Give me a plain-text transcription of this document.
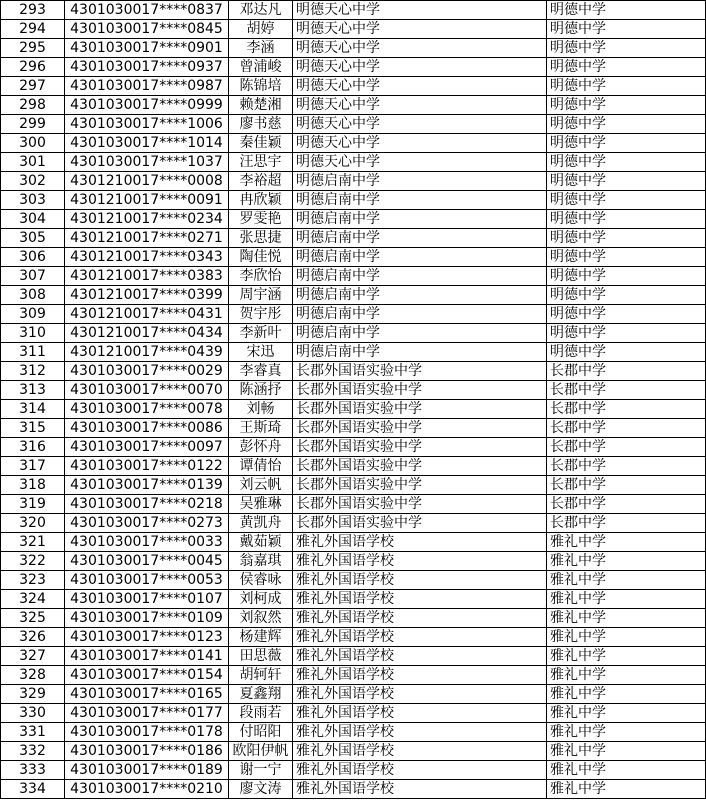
293	4301030017****0837	邓达凡	明德天心中学	明德中学
294	4301030017****0845	胡婷	明德天心中学	明德中学
295	4301030017****0901	李涵	明德天心中学	明德中学
296	4301030017****0937	曾浦峻	明德天心中学	明德中学
297	4301030017****0987	陈锦培	明德天心中学	明德中学
298	4301030017****0999	赖楚湘	明德天心中学	明德中学
299	4301030017****1006	廖书慈	明德天心中学	明德中学
300	4301030017****1014	秦佳颖	明德天心中学	明德中学
301	4301030017****1037	汪思宇	明德天心中学	明德中学
302	4301210017****0008	李裕超	明德启南中学	明德中学
303	4301210017****0091	冉欣颖	明德启南中学	明德中学
304	4301210017****0234	罗雯艳	明德启南中学	明德中学
305	4301210017****0271	张思捷	明德启南中学	明德中学
306	4301210017****0343	陶佳悦	明德启南中学	明德中学
307	4301210017****0383	李欣怡	明德启南中学	明德中学
308	4301210017****0399	周宇涵	明德启南中学	明德中学
309	4301210017****0431	贺宇彤	明德启南中学	明德中学
310	4301210017****0434	李新叶	明德启南中学	明德中学
311	4301210017****0439	宋迅	明德启南中学	明德中学
312	4301030017****0029	李睿真	长郡外国语实验中学	长郡中学
313	4301030017****0070	陈涵抒	长郡外国语实验中学	长郡中学
314	4301030017****0078	刘畅	长郡外国语实验中学	长郡中学
315	4301030017****0086	王斯琦	长郡外国语实验中学	长郡中学
316	4301030017****0097	彭怀舟	长郡外国语实验中学	长郡中学
317	4301030017****0122	谭倩怡	长郡外国语实验中学	长郡中学
318	4301030017****0139	刘云帆	长郡外国语实验中学	长郡中学
319	4301030017****0218	吴雅琳	长郡外国语实验中学	长郡中学
320	4301030017****0273	黄凯舟	长郡外国语实验中学	长郡中学
321	4301030017****0033	戴茹颖	雅礼外国语学校	雅礼中学
322	4301030017****0045	翁嘉琪	雅礼外国语学校	雅礼中学
323	4301030017****0053	侯睿咏	雅礼外国语学校	雅礼中学
324	4301030017****0107	刘柯成	雅礼外国语学校	雅礼中学
325	4301030017****0109	刘叙然	雅礼外国语学校	雅礼中学
326	4301030017****0123	杨建辉	雅礼外国语学校	雅礼中学
327	4301030017****0141	田思薇	雅礼外国语学校	雅礼中学
328	4301030017****0154	胡轲轩	雅礼外国语学校	雅礼中学
329	4301030017****0165	夏鑫翔	雅礼外国语学校	雅礼中学
330	4301030017****0177	段雨若	雅礼外国语学校	雅礼中学
331	4301030017****0178	付昭阳	雅礼外国语学校	雅礼中学
332	4301030017****0186	欧阳伊帆	雅礼外国语学校	雅礼中学
333	4301030017****0189	谢一宁	雅礼外国语学校	雅礼中学
334	4301030017****0210	廖文涛	雅礼外国语学校	雅礼中学
